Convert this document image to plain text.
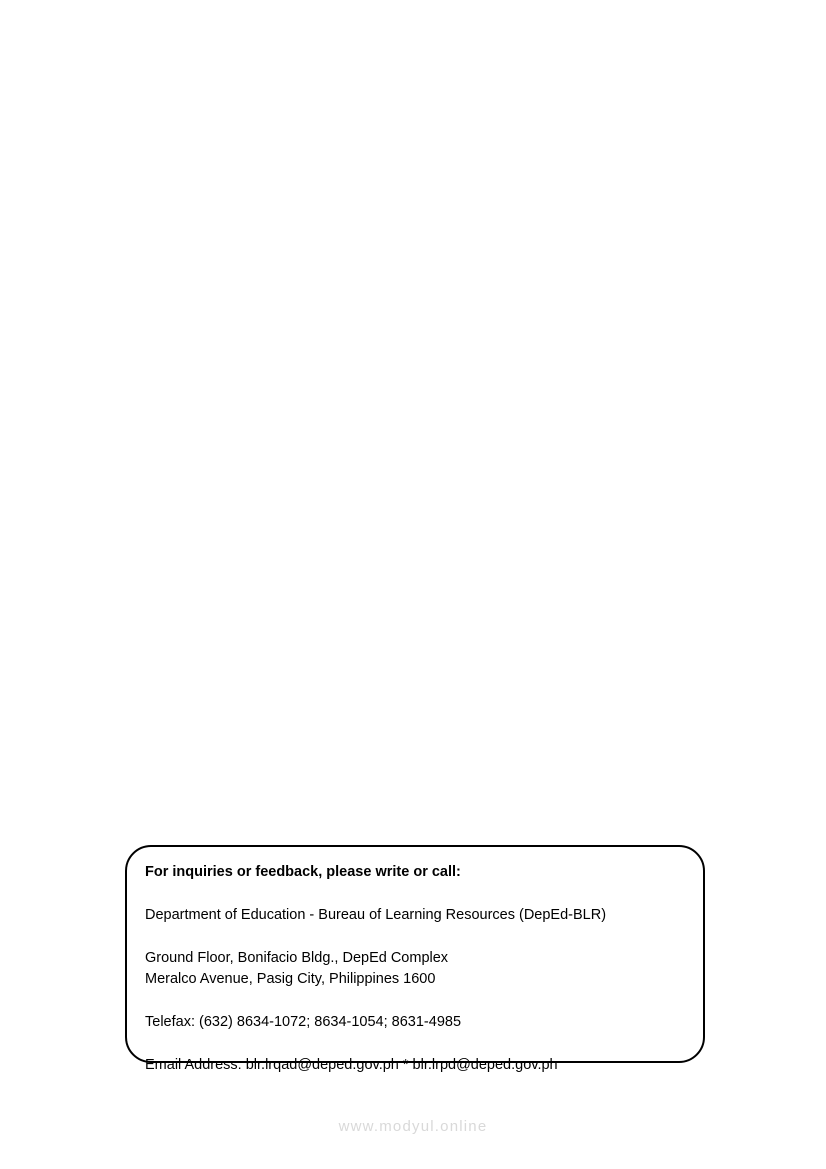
For inquiries or feedback, please write or call:

Department of Education - Bureau of Learning Resources (DepEd-BLR)

Ground Floor, Bonifacio Bldg., DepEd Complex

Meralco Avenue, Pasig City, Philippines 1600

Telefax: (632) 8634-1072; 8634-1054; 8631-4985

Email Address: blr.lrqad@deped.gov.ph * blr.lrpd@deped.gov.ph

www.modyul.online
